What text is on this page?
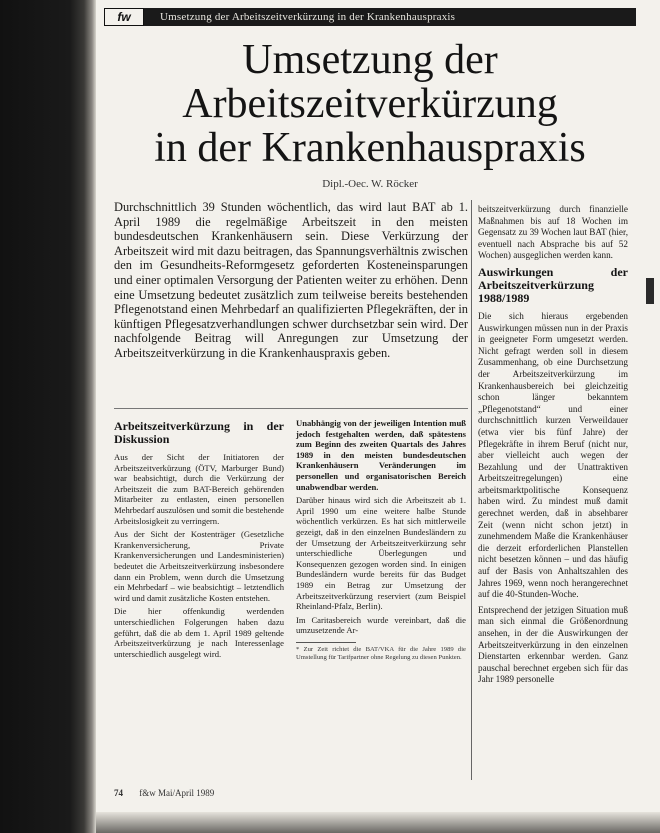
fw	Umsetzung der Arbeitszeitverkürzung in der Krankenhauspraxis
Umsetzung der
Arbeitszeitverkürzung
in der Krankenhauspraxis
Dipl.-Oec. W. Röcker

Durchschnittlich 39 Stunden wöchentlich, das wird laut BAT ab 1. April 1989 die regelmäßige Arbeitszeit in den meisten bundesdeutschen Krankenhäusern sein. Diese Verkürzung der Arbeitszeit wird mit dazu beitragen, das Spannungsverhältnis zwischen den im Gesundheits-Reformgesetz geforderten Kosteneinsparungen und einer optimalen Versorgung der Patienten weiter zu erhöhen. Denn eine Umsetzung bedeutet zusätzlich zum teilweise bereits bestehenden Pflegenotstand einen Mehrbedarf an qualifizierten Pflegekräften, der in künftigen Pflegesatzverhandlungen schwer durchsetzbar sein wird. Der nachfolgende Beitrag will Anregungen zur Umsetzung der Arbeitszeitverkürzung in die Krankenhauspraxis geben.

beitszeitverkürzung durch finanzielle Maßnahmen bis auf 18 Wochen im Gegensatz zu 39 Wochen laut BAT (hier, eventuell nach Absprache bis auf 52 Wochen) ausgeglichen werden kann.

Auswirkungen der Arbeitszeitverkürzung 1988/1989

Die sich hieraus ergebenden Auswirkungen müssen nun in der Praxis in geeigneter Form umgesetzt werden. Nicht gefragt werden soll in diesem Zusammenhang, ob eine Durchsetzung der Arbeitszeitverkürzung im Krankenhausbereich bei gleichzeitig schon länger bekanntem „Pflegenotstand“ und einer durchschnittlich kurzen Verweildauer (etwa vier bis fünf Jahre) der Pflegekräfte in ihrem Beruf (nicht nur, aber vielleicht auch wegen der Bezahlung und der Unattraktiven Arbeitszeitregelungen) eine arbeitsmarktpolitische Konsequenz haben wird. Zu mindest muß damit gerechnet werden, daß in absehbarer Zeit (wenn nicht schon jetzt) in zunehmendem Maße die Krankenhäuser die derzeit erforderlichen Planstellen nicht besetzen können – und das häufig auf der Basis von Anhaltszahlen des Jahres 1969, wenn noch herangerechnet auf die 40-Stunden-Woche.

Entsprechend der jetzigen Situation muß man sich einmal die Größenordnung ansehen, in der die Auswirkungen der Arbeitszeitverkürzung in den einzelnen Dienstarten erkennbar werden. Ganz pauschal berechnet ergeben sich für das Jahr 1989 personelle

Arbeitszeitverkürzung in der Diskussion

Aus der Sicht der Initiatoren der Arbeitszeitverkürzung (ÖTV, Marburger Bund) war beabsichtigt, durch die Verkürzung der Arbeitszeit die zum BAT-Bereich gehörenden Mitarbeiter zu entlasten, einen personellen Mehrbedarf auszulösen und somit die bestehende Arbeitslosigkeit zu verringern.

Aus der Sicht der Kostenträger (Gesetzliche Krankenversicherung, Private Krankenversicherungen und Landesministerien) bedeutet die Arbeitszeitverkürzung insbesondere dann ein Problem, wenn durch die Umsetzung ein Mehrbedarf – wie beabsichtigt – letztendlich wird und damit zusätzliche Kosten entstehen.

Die hier offenkundig werdenden unterschiedlichen Folgerungen haben dazu geführt, daß die ab dem 1. April 1989 geltende Arbeitszeitverkürzung je nach Interessenlage unterschiedlich ausgelegt wird.

Unabhängig von der jeweiligen Intention muß jedoch festgehalten werden, daß spätestens zum Beginn des zweiten Quartals des Jahres 1989 in den meisten bundesdeutschen Krankenhäusern Veränderungen im personellen und organisatorischen Bereich unabwendbar werden.

Darüber hinaus wird sich die Arbeitszeit ab 1. April 1990 um eine weitere halbe Stunde wöchentlich verkürzen. Es hat sich mittlerweile gezeigt, daß in den einzelnen Bundesländern zu der Umsetzung der Arbeitszeitverkürzung sehr unterschiedliche Überlegungen und Konsequenzen gezogen worden sind. In einigen Bundesländern wurde bereits für das Budget 1989 ein Betrag zur Umsetzung der Arbeitszeitverkürzung reserviert (zum Beispiel Rheinland-Pfalz, Berlin).

Im Caritasbereich wurde vereinbart, daß die umzusetzende Ar-

* Zur Zeit richtet die BAT/VKA für die Jahre 1989 die Umstellung für Tarifpartner ohne Regelung zu diesen Punkten.
74 f&w Mai/April 1989
